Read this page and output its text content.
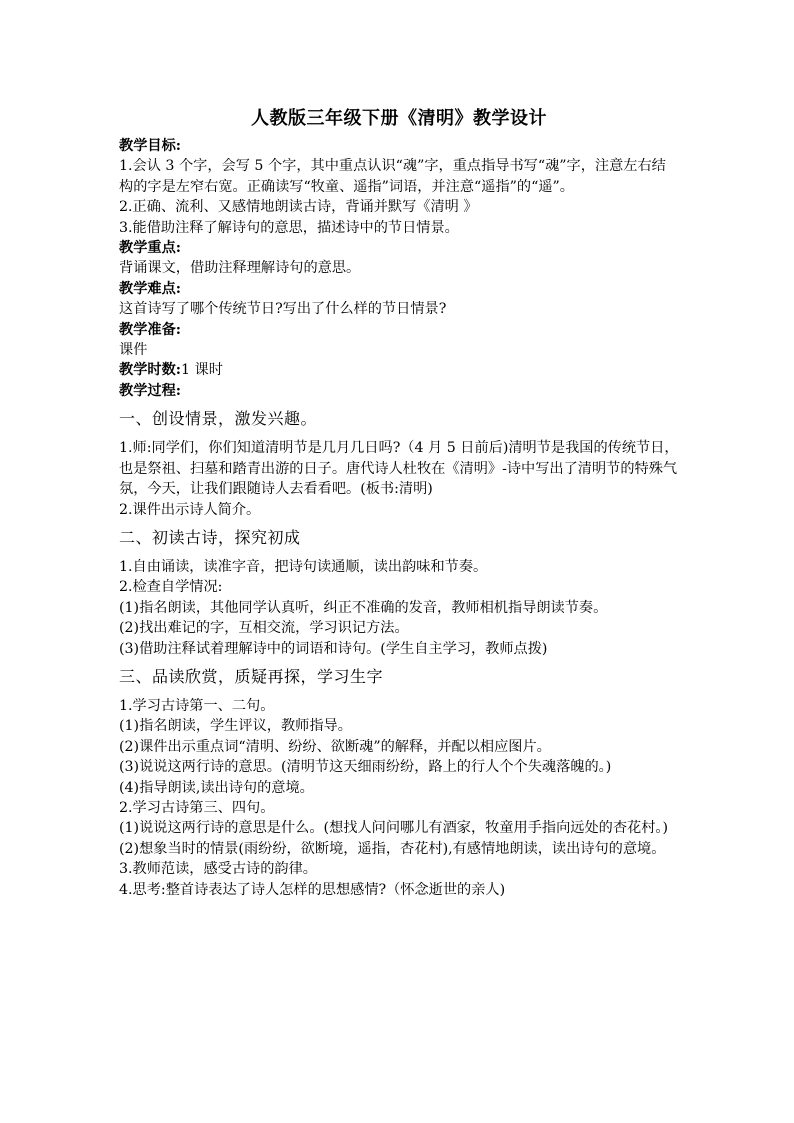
人教版三年级下册《清明》教学设计
教学目标:
1.会认 3 个字，会写 5 个字，其中重点认识“魂”字，重点指导书写“魂”字，注意左右结构的字是左窄右宽。正确读写“牧童、遥指”词语，并注意“遥指”的“遥”。
2.正确、流利、又感情地朗读古诗，背诵并默写《清明 》
3.能借助注释了解诗句的意思，描述诗中的节日情景。
教学重点:
背诵课文，借助注释理解诗句的意思。
教学难点:
这首诗写了哪个传统节日?写出了什么样的节日情景?
教学准备:
课件
教学时数:1 课时
教学过程:
一、创设情景，激发兴趣。
1.师:同学们，你们知道清明节是几月几日吗?（4 月 5 日前后)清明节是我国的传统节日，也是祭祖、扫墓和踏青出游的日子。唐代诗人杜牧在《清明》-诗中写出了清明节的特殊气氛，今天，让我们跟随诗人去看看吧。(板书:清明)
2.课件出示诗人简介。
二、初读古诗，探究初成
1.自由诵读，读准字音，把诗句读通顺，读出韵味和节奏。
2.检查自学情况:
(1)指名朗读，其他同学认真听，纠正不准确的发音，教师相机指导朗读节奏。
(2)找出难记的字，互相交流，学习识记方法。
(3)借助注释试着理解诗中的词语和诗句。(学生自主学习，教师点拨)
三、品读欣赏，质疑再探，学习生字
1.学习古诗第一、二句。
(1)指名朗读，学生评议，教师指导。
(2)课件出示重点词“清明、纷纷、欲断魂”的解释，并配以相应图片。
(3)说说这两行诗的意思。(清明节这天细雨纷纷，路上的行人个个失魂落魄的。)
(4)指导朗读,读出诗句的意境。
2.学习古诗第三、四句。
(1)说说这两行诗的意思是什么。(想找人问问哪儿有酒家，牧童用手指向远处的杏花村。)
(2)想象当时的情景(雨纷纷，欲断境，遥指，杏花村),有感情地朗读，读出诗句的意境。
3.教师范读，感受古诗的韵律。
4.思考:整首诗表达了诗人怎样的思想感情?（怀念逝世的亲人)
